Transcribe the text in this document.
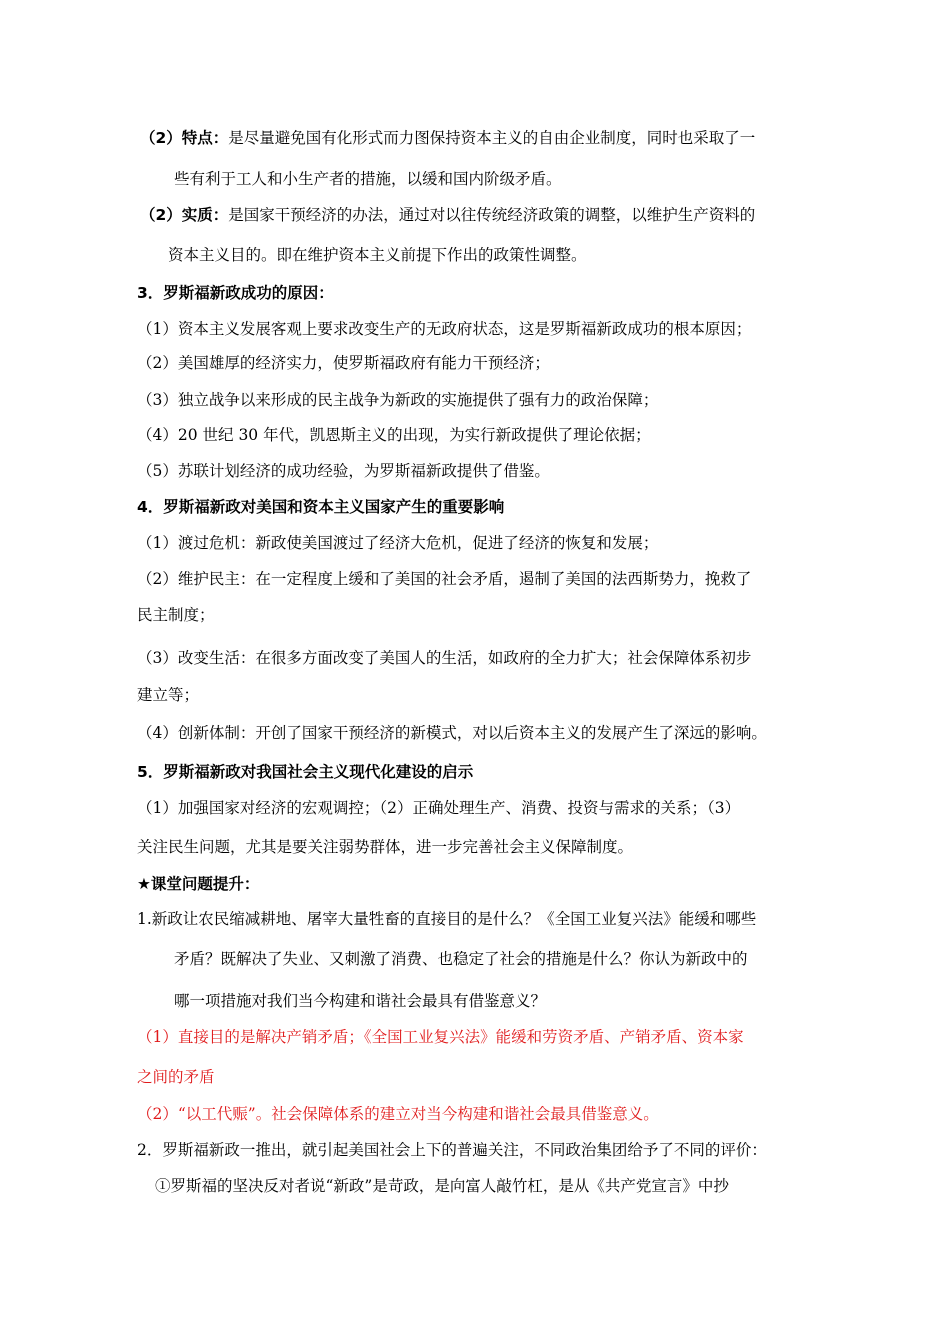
（2）特点：是尽量避免国有化形式而力图保持资本主义的自由企业制度，同时也采取了一

些有利于工人和小生产者的措施，以缓和国内阶级矛盾。

（2）实质：是国家干预经济的办法，通过对以往传统经济政策的调整，以维护生产资料的

资本主义目的。即在维护资本主义前提下作出的政策性调整。

3．罗斯福新政成功的原因：

（1）资本主义发展客观上要求改变生产的无政府状态，这是罗斯福新政成功的根本原因；

（2）美国雄厚的经济实力，使罗斯福政府有能力干预经济；

（3）独立战争以来形成的民主战争为新政的实施提供了强有力的政治保障；

（4）20 世纪 30 年代，凯恩斯主义的出现，为实行新政提供了理论依据；

（5）苏联计划经济的成功经验，为罗斯福新政提供了借鉴。

4．罗斯福新政对美国和资本主义国家产生的重要影响

（1）渡过危机：新政使美国渡过了经济大危机，促进了经济的恢复和发展；

（2）维护民主：在一定程度上缓和了美国的社会矛盾，遏制了美国的法西斯势力，挽救了

民主制度；

（3）改变生活：在很多方面改变了美国人的生活，如政府的全力扩大；社会保障体系初步

建立等；

（4）创新体制：开创了国家干预经济的新模式，对以后资本主义的发展产生了深远的影响。

5．罗斯福新政对我国社会主义现代化建设的启示

（1）加强国家对经济的宏观调控；（2）正确处理生产、消费、投资与需求的关系；（3）

关注民生问题，尤其是要关注弱势群体，进一步完善社会主义保障制度。

★课堂问题提升：

1.新政让农民缩减耕地、屠宰大量牲畜的直接目的是什么？《全国工业复兴法》能缓和哪些

矛盾？既解决了失业、又刺激了消费、也稳定了社会的措施是什么？你认为新政中的

哪一项措施对我们当今构建和谐社会最具有借鉴意义？

（1）直接目的是解决产销矛盾；《全国工业复兴法》能缓和劳资矛盾、产销矛盾、资本家

之间的矛盾

（2）“以工代赈”。社会保障体系的建立对当今构建和谐社会最具借鉴意义。

2．罗斯福新政一推出，就引起美国社会上下的普遍关注，不同政治集团给予了不同的评价：

①罗斯福的坚决反对者说“新政”是苛政，是向富人敲竹杠，是从《共产党宣言》中抄
